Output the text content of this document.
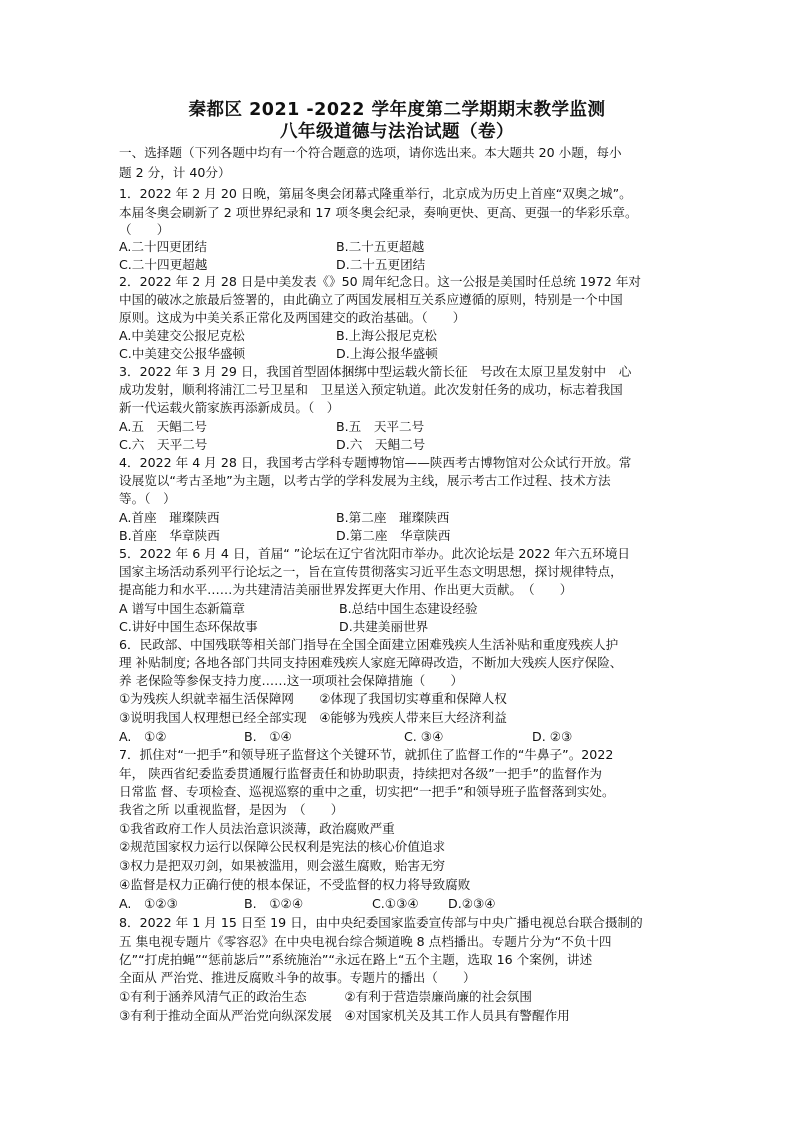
秦都区 2021 -2022 学年度第二学期期末教学监测
八年级道德与法治试题（卷）
一、选择题（下列各题中均有一个符合题意的选项，请你选出来。本大题共 20 小题，每小
题 2 分，计 40分）
1．2022 年 2 月 20 日晚，第届冬奥会闭幕式隆重举行，北京成为历史上首座“双奥之城”。
本届冬奥会刷新了 2 项世界纪录和 17 项冬奥会纪录，奏响更快、更高、更强一的华彩乐章。
（　　）
A.二十四更团结	B.二十五更超越
C.二十四更超越	D.二十五更团结
2．2022 年 2 月 28 日是中美发表《》50 周年纪念日。这一公报是美国时任总统 1972 年对
中国的破冰之旅最后签署的，由此确立了两国发展相互关系应遵循的原则，特别是一个中国
原则。这成为中美关系正常化及两国建交的政治基础。（　　）
A.中美建交公报尼克松	B.上海公报尼克松
C.中美建交公报华盛顿	D.上海公报华盛顿
3．2022 年 3 月 29 日，我国首型固体捆绑中型运载火箭长征　号改在太原卫星发射中　心
成功发射，顺利将浦江二号卫星和　卫星送入预定轨道。此次发射任务的成功，标志着我国
新一代运载火箭家族再添新成员。（　）
A.五　天鲳二号	B.五　天平二号
C.六　天平二号	D.六　天鲳二号
4．2022 年 4 月 28 日，我国考古学科专题博物馆——陕西考古博物馆对公众试行开放。常
设展览以“考古圣地”为主题，以考古学的学科发展为主线，展示考古工作过程、技术方法
等。（　）
A.首座　璀璨陕西	B.第二座　璀璨陕西
B.首座　华章陕西	D.第二座　华章陕西
5．2022 年 6 月 4 日，首届“ ”论坛在辽宁省沈阳市举办。此次论坛是 2022 年六五环境日
国家主场活动系列平行论坛之一，旨在宣传贯彻落实习近平生态文明思想，探讨规律特点，
提高能力和水平……为共建清洁美丽世界发挥更大作用、作出更大贡献。　（　　）
A 谱写中国生态新篇章	B.总结中国生态建设经验
C.讲好中国生态环保故事	D.共建美丽世界
6．民政部、中国残联等相关部门指导在全国全面建立困难残疾人生活补贴和重度残疾人护
理 补贴制度; 各地各部门共同支持困难残疾人家庭无障碍改造，不断加大残疾人医疗保险、
养 老保险等参保支持力度……这一项项社会保障措施（　　）
①为残疾人织就幸福生活保障网　　②体现了我国切实尊重和保障人权
③说明我国人权理想已经全部实现　④能够为残疾人带来巨大经济利益
A.　①②	B.　①④	C. ③④	D. ②③
7．抓住对“一把手”和领导班子监督这个关键环节，就抓住了监督工作的“牛鼻子”。2022
年， 陕西省纪委监委贯通履行监督责任和协助职责，持续把对各级”一把手”的监督作为
日常监 督、专项检查、巡视巡察的重中之重，切实把“一把手”和领导班子监督落到实处。
我省之所 以重视监督，是因为　（　　）
①我省政府工作人员法治意识淡薄，政治腐败严重
②规范国家权力运行以保障公民权利是宪法的核心价值追求
③权力是把双刃剑，如果被滥用，则会滋生腐败，贻害无穷
④监督是权力正确行使的根本保证，不受监督的权力将导致腐败
A.　①②③	B.　①②④	C.①③④ D.②③④
8．2022 年 1 月 15 日至 19 日，由中央纪委国家监委宣传部与中央广播电视总台联合摄制的
五 集电视专题片《零容忍》在中央电视台综合频道晚 8 点档播出。专题片分为“不负十四
亿”“打虎拍蝇”“惩前毖后””系统施治”“永远在路上“五个主题，选取 16 个案例，讲述
全面从 严治党、推进反腐败斗争的故事。专题片的播出（　　）
①有利于涵养风清气正的政治生态　　　②有利于营造崇廉尚廉的社会氛围
③有利于推动全面从严治党向纵深发展　④对国家机关及其工作人员具有警醒作用
